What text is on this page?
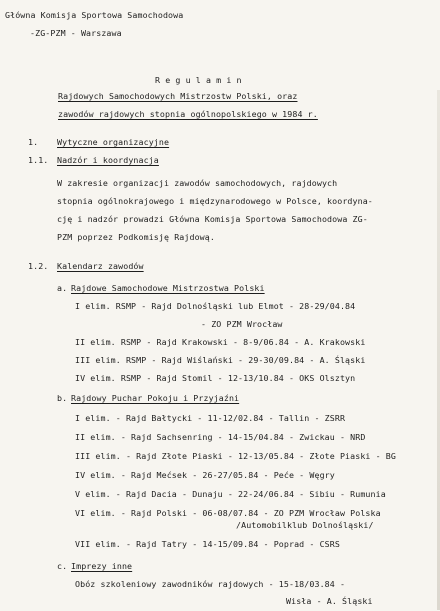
Główna Komisja Sportowa Samochodowa
-ZG-PZM - Warszawa
R e g u l a m i n
Rajdowych Samochodowych Mistrzostw Polski, oraz
zawodów rajdowych stopnia ogólnopolskiego w 1984 r.
1. Wytyczne organizacyjne
1.1. Nadzór i koordynacja
W zakresie organizacji zawodów samochodowych, rajdowych
stopnia ogólnokrajowego i międzynarodowego w Polsce, koordyna-
cję i nadzór prowadzi Główna Komisja Sportowa Samochodowa ZG-
PZM poprzez Podkomisję Rajdową.
1.2. Kalendarz zawodów
a. Rajdowe Samochodowe Mistrzostwa Polski
I elim. RSMP - Rajd Dolnośląski lub Elmot - 28-29/04.84
- ZO PZM Wrocław
II elim. RSMP - Rajd Krakowski - 8-9/06.84 - A. Krakowski
III elim. RSMP - Rajd Wiślański - 29-30/09.84 - A. Śląski
IV elim. RSMP - Rajd Stomil - 12-13/10.84 - OKS Olsztyn
b. Rajdowy Puchar Pokoju i Przyjaźni
I elim. - Rajd Bałtycki - 11-12/02.84 - Tallin - ZSRR
II elim. - Rajd Sachsenring - 14-15/04.84 - Zwickau - NRD
III elim. - Rajd Złote Piaski - 12-13/05.84 - Złote Piaski - BG
IV elim. - Rajd Mećsek - 26-27/05.84 - Peće - Węgry
V elim. - Rajd Dacia - Dunaju - 22-24/06.84 - Sibiu - Rumunia
VI elim. - Rajd Polski - 06-08/07.84 - ZO PZM Wrocław Polska
/Automobilklub Dolnośląski/
VII elim. - Rajd Tatry - 14-15/09.84 - Poprad - CSRS
c. Imprezy inne
Obóz szkoleniowy zawodników rajdowych - 15-18/03.84 -
Wisła - A. Śląski
